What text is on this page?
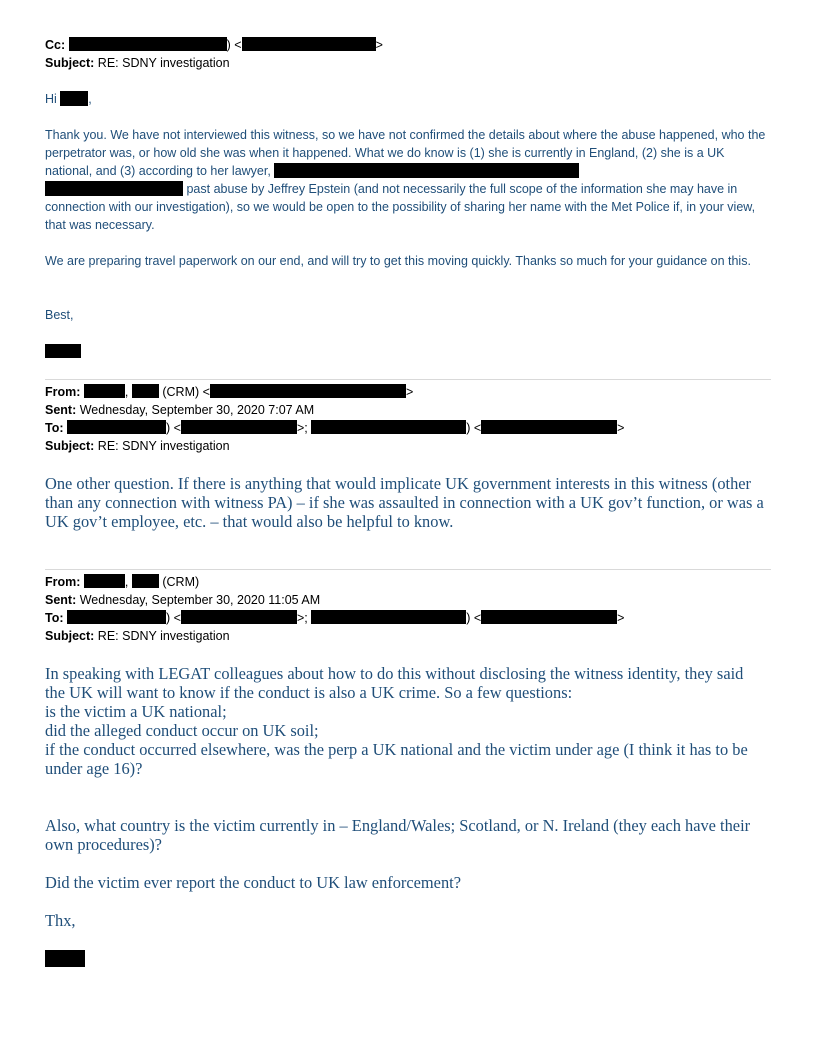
Cc:	) <	>
Subject: RE: SDNY investigation
Hi	,
Thank you. We have not interviewed this witness, so we have not confirmed the details about where the abuse happened, who the perpetrator was, or how old she was when it happened. What we do know is (1) she is currently in England, (2) she is a UK national, and (3) according to her lawyer,
past abuse by Jeffrey Epstein (and not necessarily the full scope of the information she may have in connection with our investigation), so we would be open to the possibility of sharing her name with the Met Police if, in your view, that was necessary.
We are preparing travel paperwork on our end, and will try to get this moving quickly. Thanks so much for your guidance on this.
Best,
From:	,	(CRM) <	>
Sent: Wednesday, September 30, 2020 7:07 AM
To:	) <	>;	) <	>
Subject: RE: SDNY investigation
One other question. If there is anything that would implicate UK government interests in this witness (other than any connection with witness PA) – if she was assaulted in connection with a UK gov’t function, or was a UK gov’t employee, etc. – that would also be helpful to know.
From:	,	(CRM)
Sent: Wednesday, September 30, 2020 11:05 AM
To:	) <	>;	) <	>
Subject: RE: SDNY investigation

In speaking with LEGAT colleagues about how to do this without disclosing the witness identity, they said the UK will want to know if the conduct is also a UK crime. So a few questions:

is the victim a UK national;

did the alleged conduct occur on UK soil;

if the conduct occurred elsewhere, was the perp a UK national and the victim under age (I think it has to be under age 16)?

Also, what country is the victim currently in – England/Wales; Scotland, or N. Ireland (they each have their own procedures)?
Did the victim ever report the conduct to UK law enforcement?
Thx,
